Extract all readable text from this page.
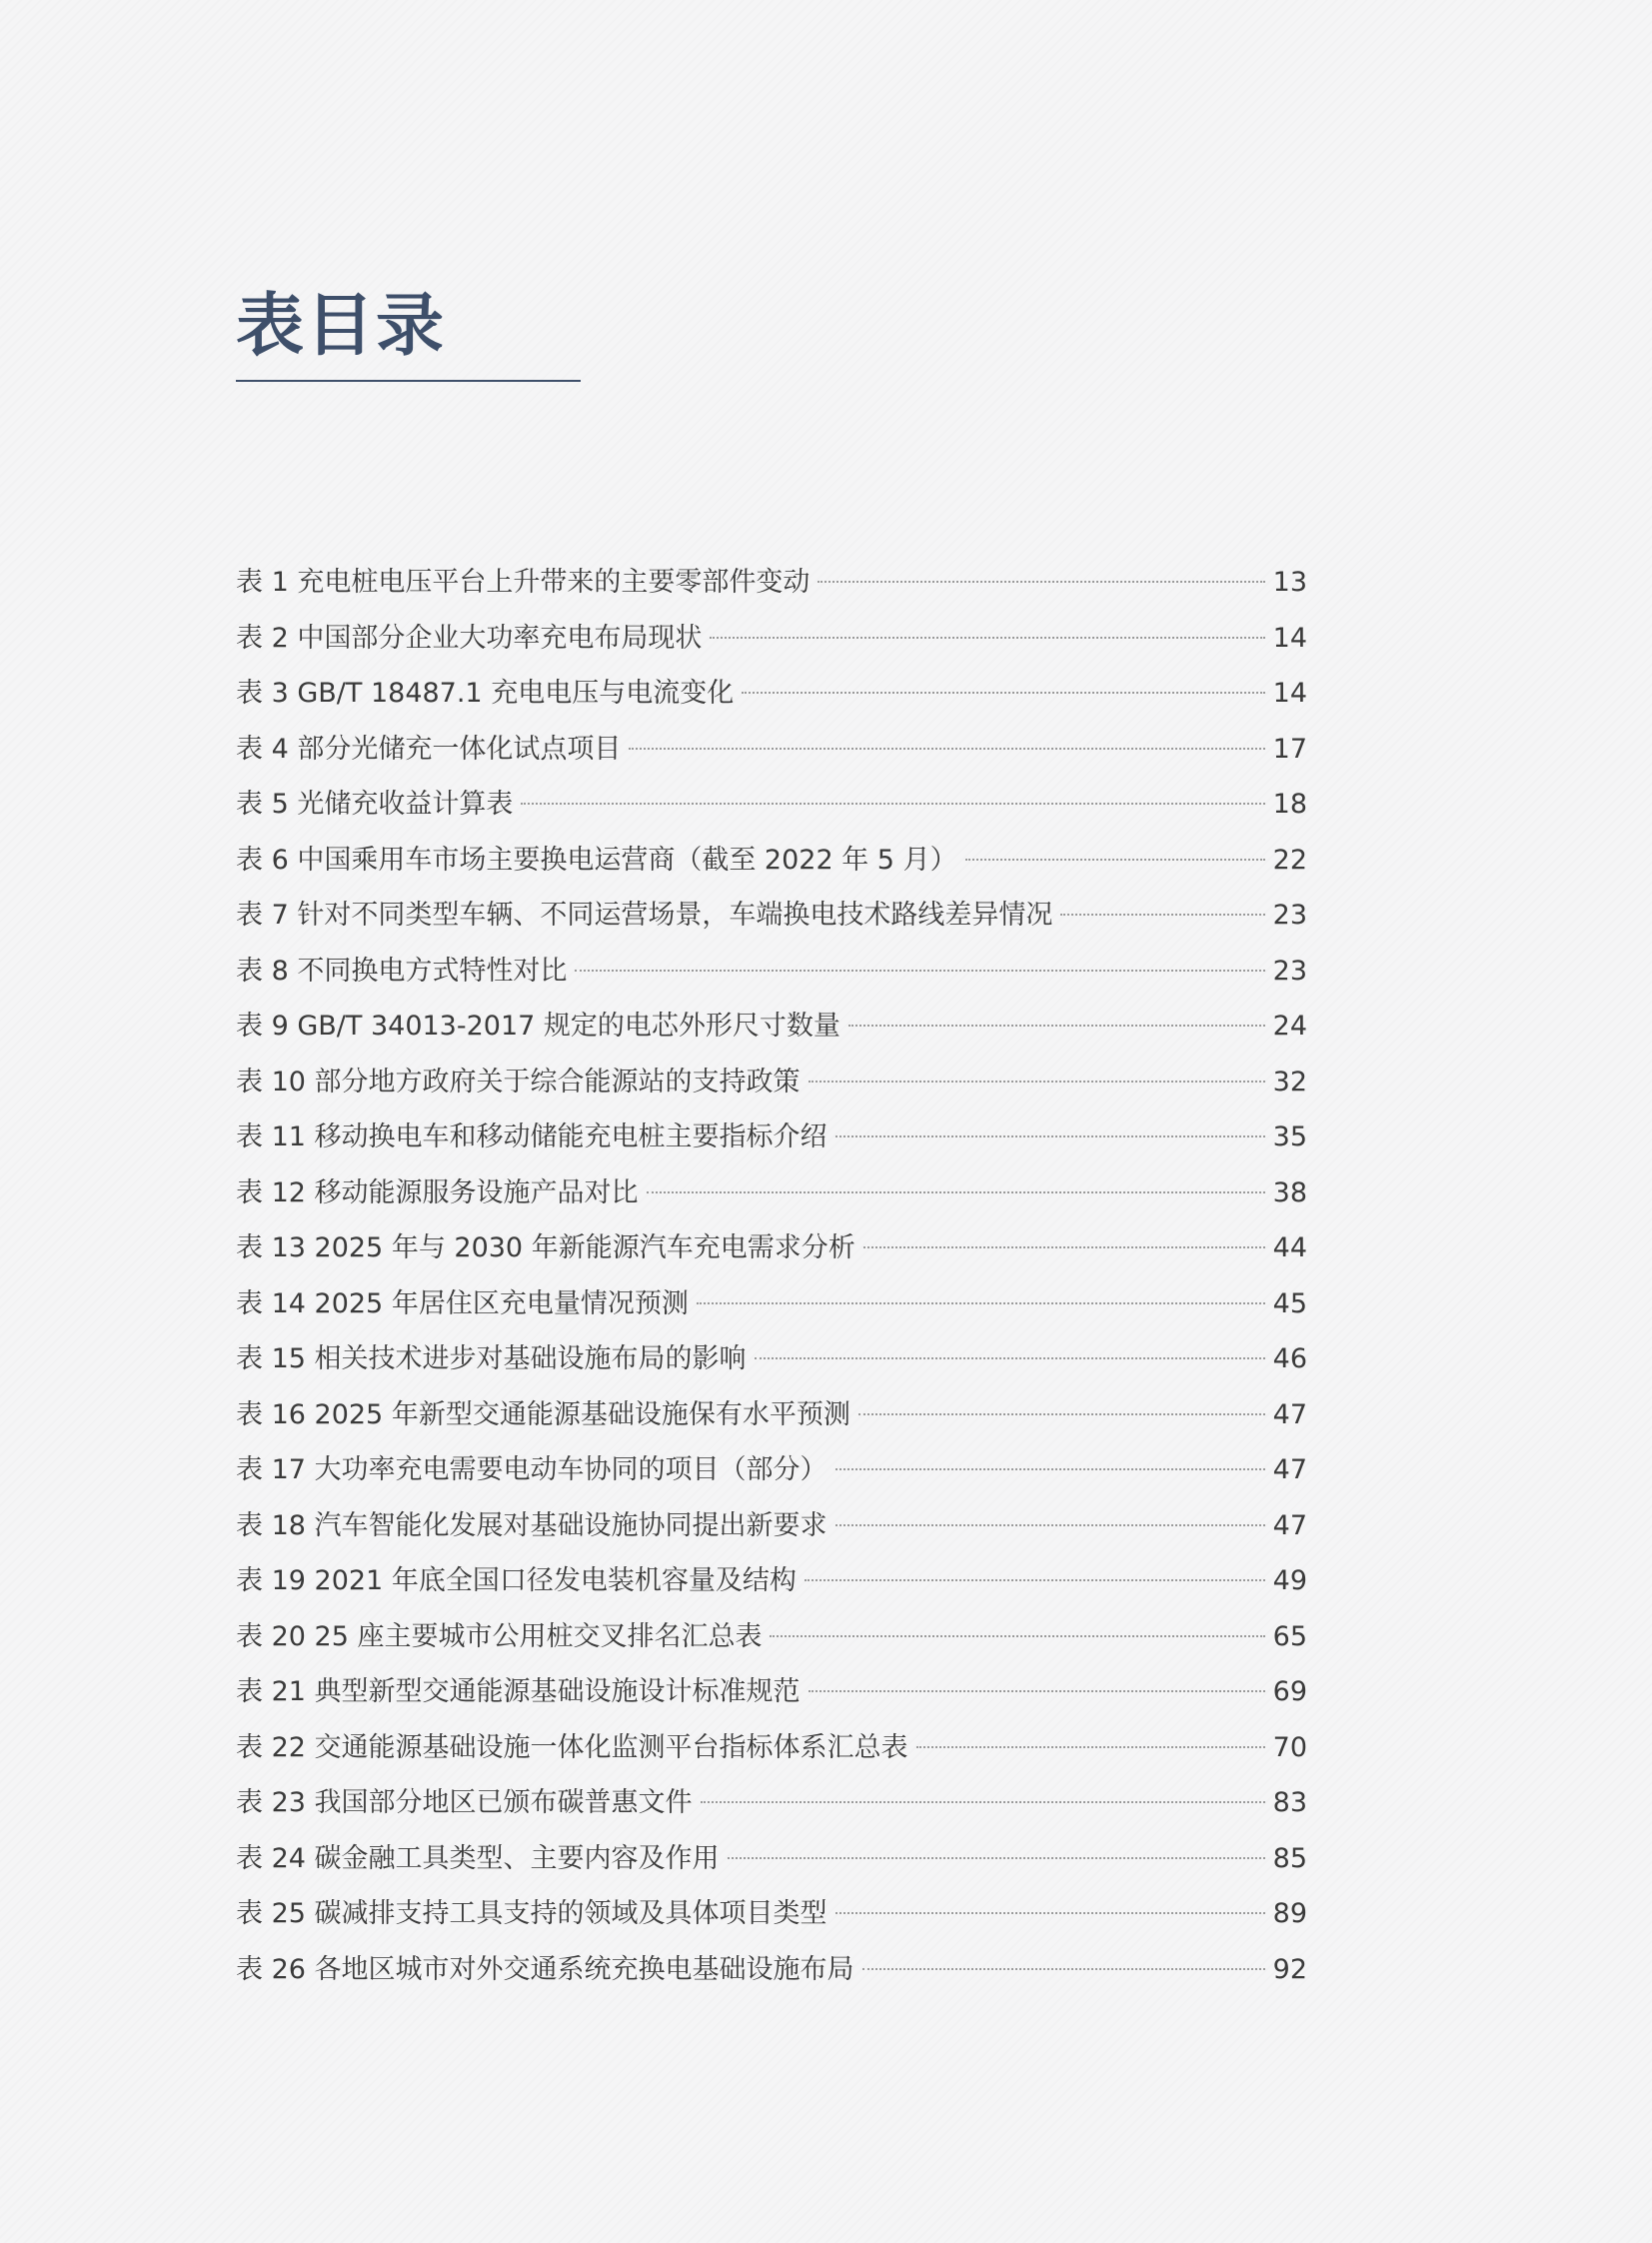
表目录
表 1 充电桩电压平台上升带来的主要零部件变动	13
表 2 中国部分企业大功率充电布局现状	14
表 3 GB/T 18487.1 充电电压与电流变化	14
表 4 部分光储充一体化试点项目	17
表 5 光储充收益计算表	18
表 6 中国乘用车市场主要换电运营商（截至 2022 年 5 月）	22
表 7 针对不同类型车辆、不同运营场景，车端换电技术路线差异情况	23
表 8 不同换电方式特性对比	23
表 9 GB/T 34013-2017 规定的电芯外形尺寸数量	24
表 10 部分地方政府关于综合能源站的支持政策	32
表 11 移动换电车和移动储能充电桩主要指标介绍	35
表 12 移动能源服务设施产品对比	38
表 13 2025 年与 2030 年新能源汽车充电需求分析	44
表 14 2025 年居住区充电量情况预测	45
表 15 相关技术进步对基础设施布局的影响	46
表 16 2025 年新型交通能源基础设施保有水平预测	47
表 17 大功率充电需要电动车协同的项目（部分）	47
表 18 汽车智能化发展对基础设施协同提出新要求	47
表 19 2021 年底全国口径发电装机容量及结构	49
表 20 25 座主要城市公用桩交叉排名汇总表	65
表 21 典型新型交通能源基础设施设计标准规范	69
表 22 交通能源基础设施一体化监测平台指标体系汇总表	70
表 23 我国部分地区已颁布碳普惠文件	83
表 24 碳金融工具类型、主要内容及作用	85
表 25 碳减排支持工具支持的领域及具体项目类型	89
表 26 各地区城市对外交通系统充换电基础设施布局	92
